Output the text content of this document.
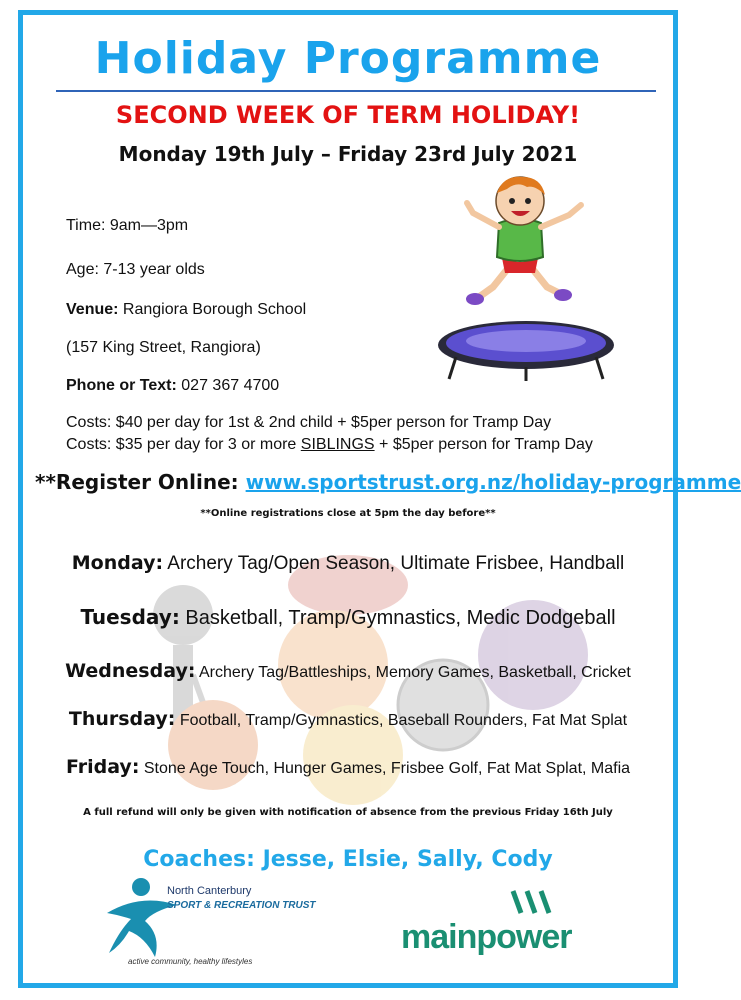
Holiday Programme
SECOND WEEK OF TERM HOLIDAY!
Monday 19th July – Friday 23rd July 2021
Time: 9am—3pm
Age: 7-13 year olds
Venue: Rangiora Borough School
(157 King Street, Rangiora)
Phone or Text: 027 367 4700
Costs: $40 per day for 1st & 2nd child + $5per person for Tramp Day
Costs: $35 per day for 3 or more SIBLINGS + $5per person for Tramp Day
**Register Online: www.sportstrust.org.nz/holiday-programme
**Online registrations close at 5pm the day before**
Monday: Archery Tag/Open Season, Ultimate Frisbee, Handball
Tuesday: Basketball, Tramp/Gymnastics, Medic Dodgeball
Wednesday: Archery Tag/Battleships, Memory Games, Basketball, Cricket
Thursday: Football, Tramp/Gymnastics, Baseball Rounders, Fat Mat Splat
Friday: Stone Age Touch, Hunger Games, Frisbee Golf, Fat Mat Splat, Mafia
A full refund will only be given with notification of absence from the previous Friday 16th July
Coaches: Jesse, Elsie, Sally, Cody
North Canterbury
SPORT & RECREATION TRUST
active community, healthy lifestyles
mainpower
